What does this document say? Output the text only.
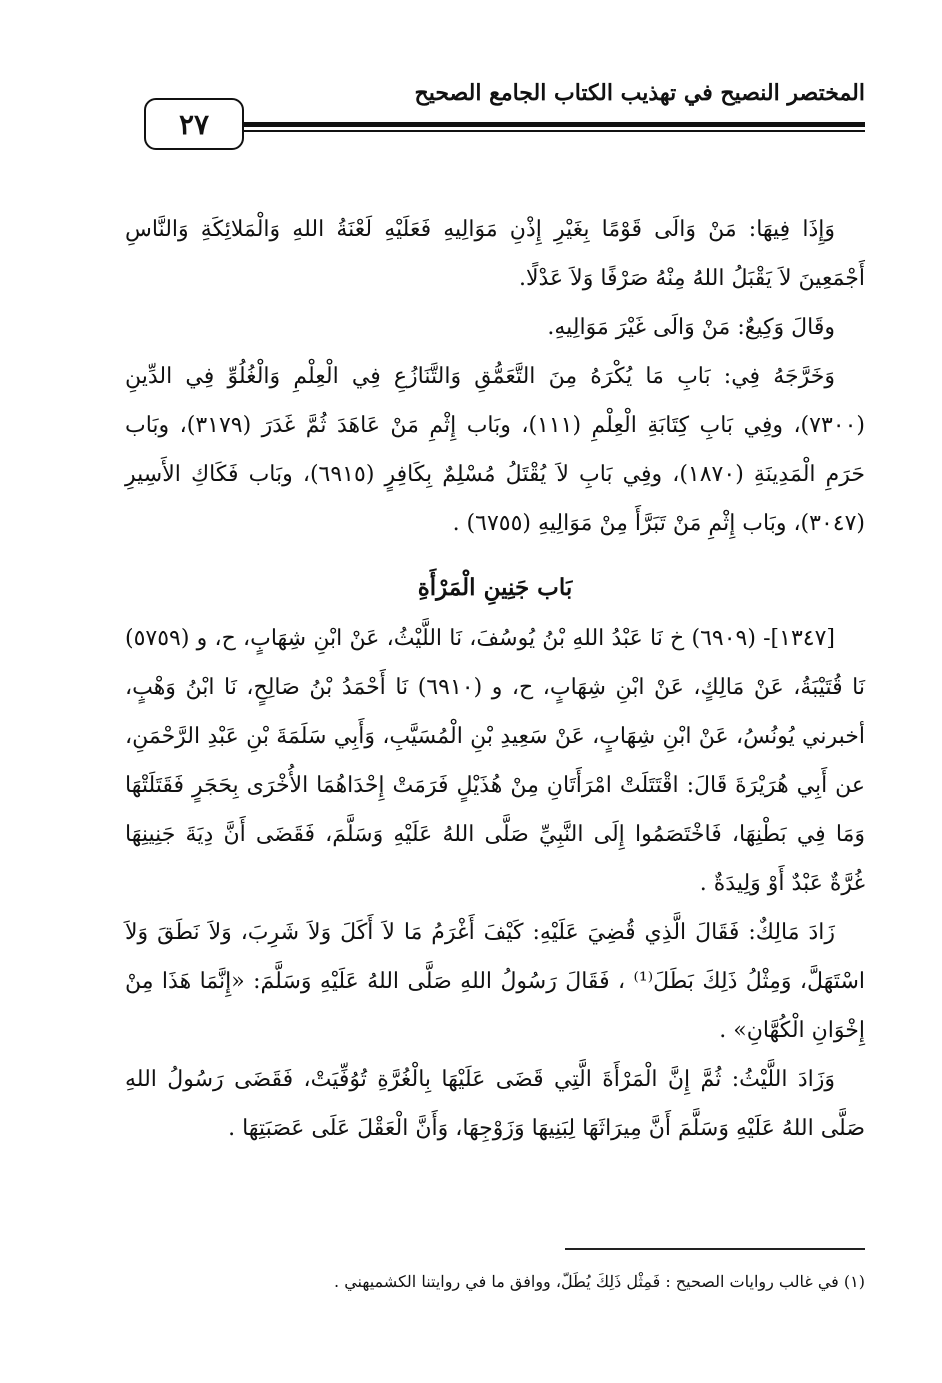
٢٧
المختصر النصيح في تهذيب الكتاب الجامع الصحيح

وَإِذَا فِيهَا: مَنْ وَالَى قَوْمًا بِغَيْرِ إِذْنِ مَوَالِيهِ فَعَلَيْهِ لَعْنَةُ اللهِ وَالْمَلائِكَةِ وَالنَّاسِ أَجْمَعِينَ لاَ يَقْبَلُ اللهُ مِنْهُ صَرْفًا وَلاَ عَدْلًا.

وقَالَ وَكِيعٌ: مَنْ وَالَى غَيْرَ مَوَالِيهِ.

وَخَرَّجَهُ فِي: بَابِ مَا يُكْرَهُ مِنَ التَّعَمُّقِ وَالتَّنَازُعِ فِي الْعِلْمِ وَالْغُلُوِّ فِي الدِّينِ (٧٣٠٠)، وفِي بَابِ كِتَابَةِ الْعِلْمِ (١١١)، وبَاب إِثْمِ مَنْ عَاهَدَ ثُمَّ غَدَرَ (٣١٧٩)، وبَاب حَرَمِ الْمَدِينَةِ (١٨٧٠)، وفِي بَابِ لاَ يُقْتَلُ مُسْلِمٌ بِكَافِرٍ (٦٩١٥)، وبَاب فَكَاكِ الأَسِيرِ (٣٠٤٧)، وبَاب إِثْمِ مَنْ تَبَرَّأَ مِنْ مَوَالِيهِ (٦٧٥٥) .

بَاب جَنِينِ الْمَرْأَةِ

[١٣٤٧]- (٦٩٠٩) خ نَا عَبْدُ اللهِ بْنُ يُوسُفَ، نَا اللَّيْثُ، عَنْ ابْنِ شِهَابٍ، ح، و (٥٧٥٩) نَا قُتَيْبَةُ، عَنْ مَالِكٍ، عَنْ ابْنِ شِهَابٍ، ح، و (٦٩١٠) نَا أَحْمَدُ بْنُ صَالِحٍ، نَا ابْنُ وَهْبٍ، أخبرني يُونُسُ، عَنْ ابْنِ شِهَابٍ، عَنْ سَعِيدِ بْنِ الْمُسَيَّبِ، وَأَبِي سَلَمَةَ بْنِ عَبْدِ الرَّحْمَنِ، عن أَبِي هُرَيْرَةَ قَالَ: اقْتَتَلَتْ امْرَأَتَانِ مِنْ هُذَيْلٍ فَرَمَتْ إِحْدَاهُمَا الأُخْرَى بِحَجَرٍ فَقَتَلَتْهَا وَمَا فِي بَطْنِهَا، فَاخْتَصَمُوا إِلَى النَّبِيِّ صَلَّى اللهُ عَلَيْهِ وَسَلَّمَ، فَقَضَى أَنَّ دِيَةَ جَنِينِهَا غُرَّةٌ عَبْدٌ أَوْ وَلِيدَةٌ .

زَادَ مَالِكٌ: فَقَالَ الَّذِي قُضِيَ عَلَيْهِ: كَيْفَ أَغْرَمُ مَا لاَ أَكَلَ وَلاَ شَرِبَ، وَلاَ نَطَقَ وَلاَ اسْتَهَلَّ، وَمِثْلُ ذَلِكَ بَطَلَ⁽¹⁾ ، فَقَالَ رَسُولُ اللهِ صَلَّى اللهُ عَلَيْهِ وَسَلَّمَ: «إِنَّمَا هَذَا مِنْ إِخْوَانِ الْكُهَّانِ» .

وَزَادَ اللَّيْثُ: ثُمَّ إِنَّ الْمَرْأَةَ الَّتِي قَضَى عَلَيْهَا بِالْغُرَّةِ تُوُفِّيَتْ، فَقَضَى رَسُولُ اللهِ صَلَّى اللهُ عَلَيْهِ وَسَلَّمَ أَنَّ مِيرَاثَهَا لِبَنِيهَا وَزَوْجِهَا، وَأَنَّ الْعَقْلَ عَلَى عَصَبَتِهَا .

(١) في غالب روايات الصحيح : فَمِثْل ذَلِكَ يُطَلّ، ووافق ما في روايتنا الكشميهني .
